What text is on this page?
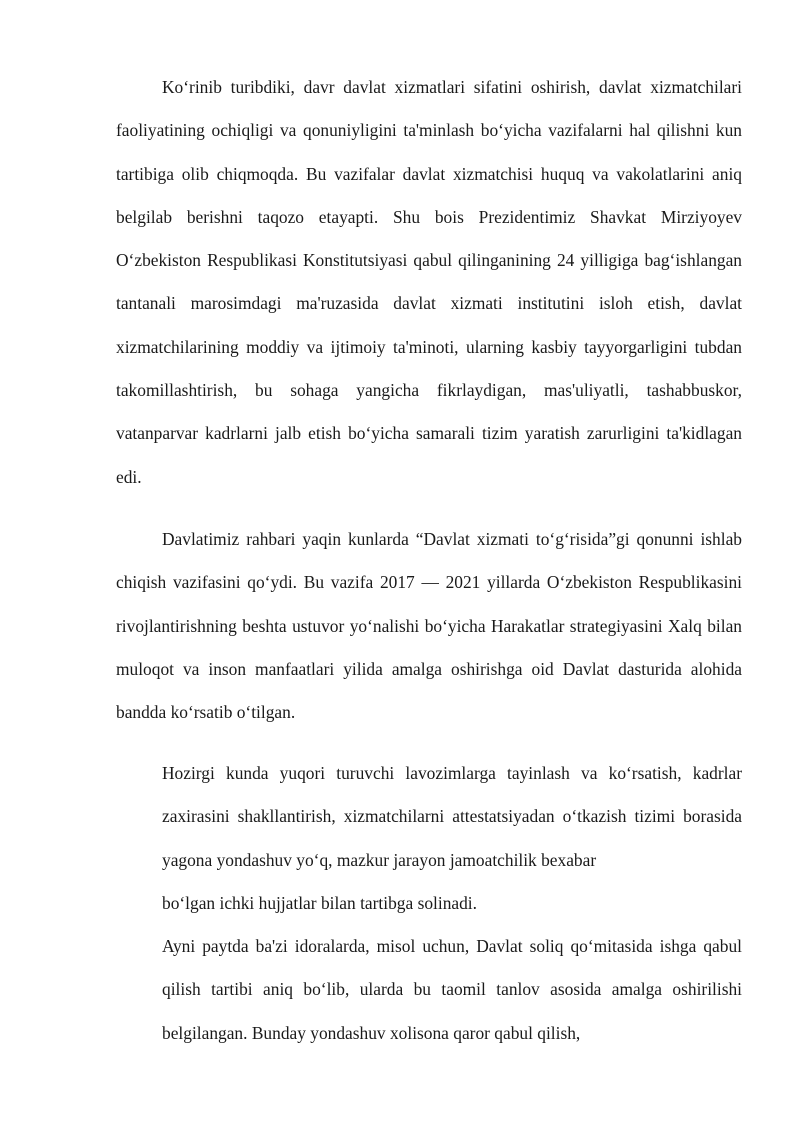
Ko‘rinib turibdiki, davr davlat xizmatlari sifatini oshirish, davlat xizmatchilari faoliyatining ochiqligi va qonuniyligini ta'minlash bo‘yicha vazifalarni hal qilishni kun tartibiga olib chiqmoqda. Bu vazifalar davlat xizmatchisi huquq va vakolatlarini aniq belgilab berishni taqozo etayapti. Shu bois Prezidentimiz Shavkat Mirziyoyev O‘zbekiston Respublikasi Konstitutsiyasi qabul qilinganining 24 yilligiga bag‘ishlangan tantanali marosimdagi ma'ruzasida davlat xizmati institutini isloh etish, davlat xizmatchilarining moddiy va ijtimoiy ta'minoti, ularning kasbiy tayyorgarligini tubdan takomillashtirish, bu sohaga yangicha fikrlaydigan, mas'uliyatli, tashabbuskor, vatanparvar kadrlarni jalb etish bo‘yicha samarali tizim yaratish zarurligini ta'kidlagan edi.

Davlatimiz rahbari yaqin kunlarda “Davlat xizmati to‘g‘risida”gi qonunni ishlab chiqish vazifasini qo‘ydi. Bu vazifa 2017 — 2021 yillarda O‘zbekiston Respublikasini rivojlantirishning beshta ustuvor yo‘nalishi bo‘yicha Harakatlar strategiyasini Xalq bilan muloqot va inson manfaatlari yilida amalga oshirishga oid Davlat dasturida alohida bandda ko‘rsatib o‘tilgan.

Hozirgi kunda yuqori turuvchi lavozimlarga tayinlash va ko‘rsatish, kadrlar zaxirasini shakllantirish, xizmatchilarni attestatsiyadan o‘tkazish tizimi borasida yagona yondashuv yo‘q, mazkur jarayon jamoatchilik bexabar
bo‘lgan ichki hujjatlar bilan tartibga solinadi.
Ayni paytda ba'zi idoralarda, misol uchun, Davlat soliq qo‘mitasida ishga qabul qilish tartibi aniq bo‘lib, ularda bu taomil tanlov asosida amalga oshirilishi belgilangan. Bunday yondashuv xolisona qaror qabul qilish,
